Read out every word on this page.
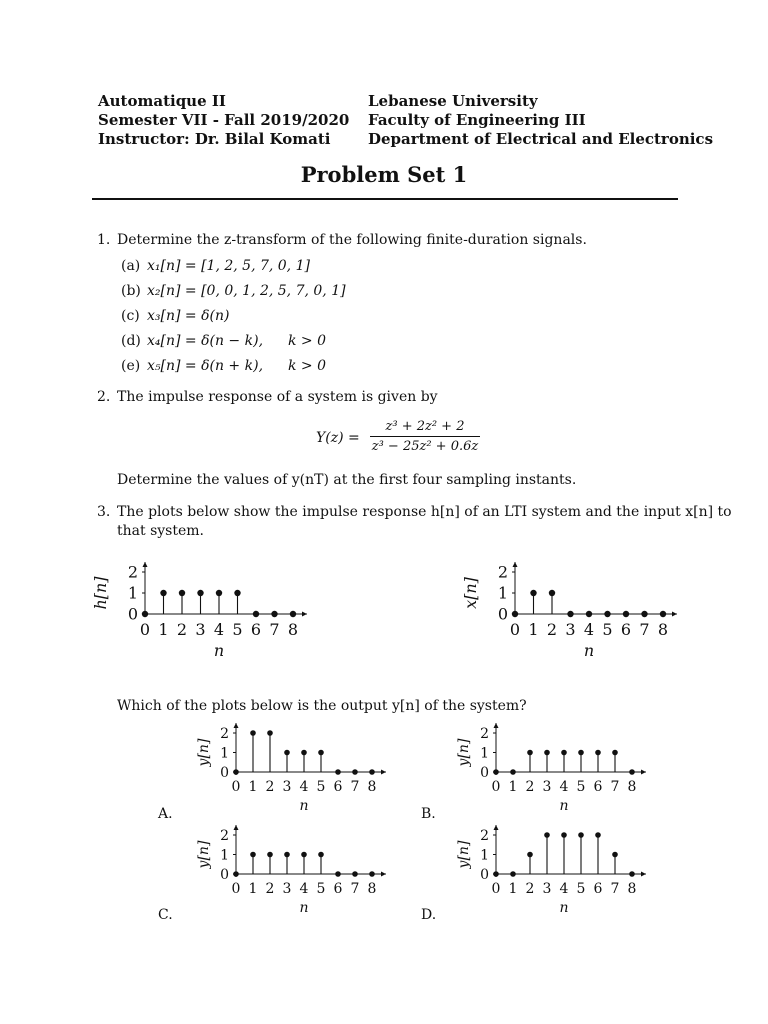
Automatique II
Semester VII - Fall 2019/2020
Instructor: Dr. Bilal Komati
Lebanese University
Faculty of Engineering III
Department of Electrical and Electronics
Problem Set 1
1. Determine the z-transform of the following finite-duration signals.
(a) x₁[n] = [1, 2, 5, 7, 0, 1]
(b) x₂[n] = [0, 0, 1, 2, 5, 7, 0, 1]
(c) x₃[n] = δ(n)
(d) x₄[n] = δ(n − k), k > 0
(e) x₅[n] = δ(n + k), k > 0
2. The impulse response of a system is given by
$Y(z) = \frac{\text{z³ + 2z² + 2}}{\text{z³ − 25z² + 0.6z}}$
Determine the values of y(nT) at the first four sampling instants.
3. The plots below show the impulse response h[n] of an LTI system and the input x[n] to
that system.
0
1
2
0 1 2 3 4 5 6 7 8
n
h[n]
0
1
2
0 1 2 3 4 5 6 7 8
n
x[n]
Which of the plots below is the output y[n] of the system?
0
1
2
0 1 2 3 4 5 6 7 8
n
y[n]
0
1
2
0 1 2 3 4 5 6 7 8
n
y[n]
0
1
2
0 1 2 3 4 5 6 7 8
n
y[n]
0
1
2
0 1 2 3 4 5 6 7 8
n
y[n]
A.	B.
C.	D.
